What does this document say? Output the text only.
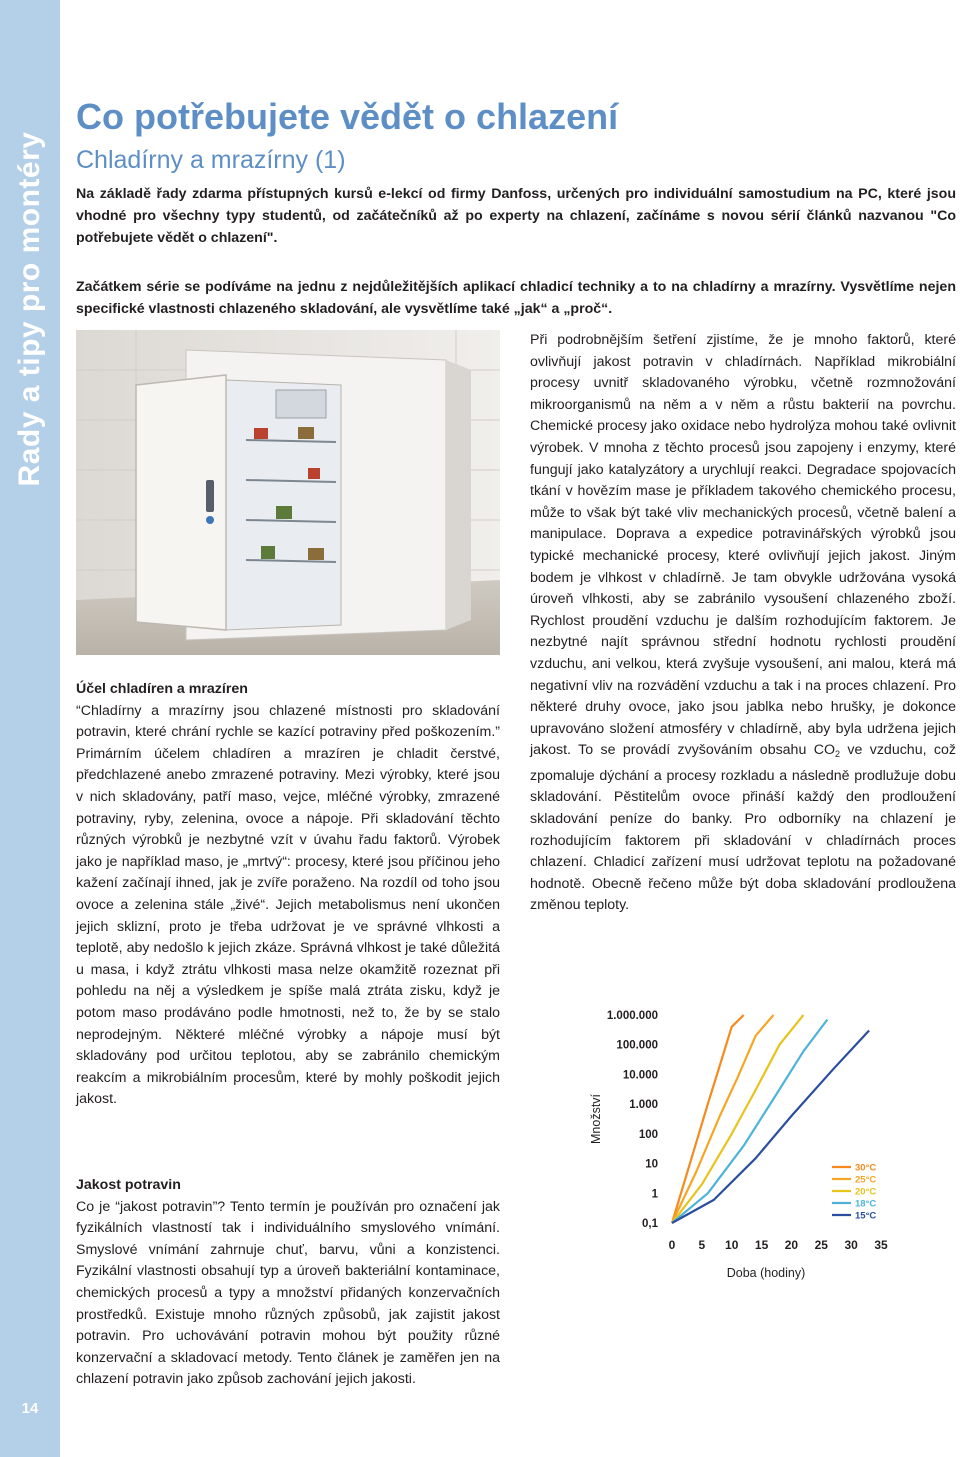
Rady a tipy pro montéry
14
Co potřebujete vědět o chlazení
Chladírny a mrazírny (1)

Na základě řady zdarma přístupných kursů e-lekcí od firmy Danfoss, určených pro individuální samostudium na PC, které jsou vhodné pro všechny typy studentů, od začátečníků až po experty na chlazení, začínáme s novou sérií článků nazvanou "Co potřebujete vědět o chlazení".

Začátkem série se podíváme na jednu z nejdůležitějších aplikací chladicí techniky a to na chladírny a mrazírny. Vysvětlíme nejen specifické vlastnosti chlazeného skladování, ale vysvětlíme také „jak“ a „proč“.

Účel chladíren a mrazíren

“Chladírny a mrazírny jsou chlazené místnosti pro skladování potravin, které chrání rychle se kazící potraviny před poškozením.” Primárním účelem chladíren a mrazíren je chladit čerstvé, předchlazené anebo zmrazené potraviny. Mezi výrobky, které jsou v nich skladovány, patří maso, vejce, mléčné výrobky, zmrazené potraviny, ryby, zelenina, ovoce a nápoje. Při skladování těchto různých výrobků je nezbytné vzít v úvahu řadu faktorů. Výrobek jako je například maso, je „mrtvý“: procesy, které jsou příčinou jeho kažení začínají ihned, jak je zvíře poraženo. Na rozdíl od toho jsou ovoce a zelenina stále „živé“. Jejich metabolismus není ukončen jejich sklizní, proto je třeba udržovat je ve správné vlhkosti a teplotě, aby nedošlo k jejich zkáze. Správná vlhkost je také důležitá u masa, i když ztrátu vlhkosti masa nelze okamžitě rozeznat při pohledu na něj a výsledkem je spíše malá ztráta zisku, když je potom maso prodáváno podle hmotnosti, než to, že by se stalo neprodejným. Některé mléčné výrobky a nápoje musí být skladovány pod určitou teplotou, aby se zabránilo chemickým reakcím a mikrobiálním procesům, které by mohly poškodit jejich jakost.

Jakost potravin

Co je “jakost potravin”? Tento termín je používán pro označení jak fyzikálních vlastností tak i individuálního smyslového vnímání. Smyslové vnímání zahrnuje chuť, barvu, vůni a konzistenci. Fyzikální vlastnosti obsahují typ a úroveň bakteriální kontaminace, chemických procesů a typy a množství přidaných konzervačních prostředků. Existuje mnoho různých způsobů, jak zajistit jakost potravin. Pro uchovávání potravin mohou být použity různé konzervační a skladovací metody. Tento článek je zaměřen jen na chlazení potravin jako způsob zachování jejich jakosti.

Při podrobnějším šetření zjistíme, že je mnoho faktorů, které ovlivňují jakost potravin v chladírnách. Například mikrobiální procesy uvnitř skladovaného výrobku, včetně rozmnožování mikroorganismů na něm a v něm a růstu bakterií na povrchu. Chemické procesy jako oxidace nebo hydrolýza mohou také ovlivnit výrobek. V mnoha z těchto procesů jsou zapojeny i enzymy, které fungují jako katalyzátory a urychlují reakci. Degradace spojovacích tkání v hovězím mase je příkladem takového chemického procesu, může to však být také vliv mechanických procesů, včetně balení a manipulace. Doprava a expedice potravinářských výrobků jsou typické mechanické procesy, které ovlivňují jejich jakost. Jiným bodem je vlhkost v chladírně. Je tam obvykle udržována vysoká úroveň vlhkosti, aby se zabránilo vysoušení chlazeného zboží. Rychlost proudění vzduchu je dalším rozhodujícím faktorem. Je nezbytné najít správnou střední hodnotu rychlosti proudění vzduchu, ani velkou, která zvyšuje vysoušení, ani malou, která má negativní vliv na rozvádění vzduchu a tak i na proces chlazení. Pro některé druhy ovoce, jako jsou jablka nebo hrušky, je dokonce upravováno složení atmosféry v chladírně, aby byla udržena jejich jakost. To se provádí zvyšováním obsahu $CO_2$ ve vzduchu, což zpomaluje dýchání a procesy rozkladu a následně prodlužuje dobu skladování. Pěstitelům ovoce přináší každý den prodloužení skladování peníze do banky. Pro odborníky na chlazení je rozhodujícím faktorem při skladování v chladírnách proces chlazení. Chladicí zařízení musí udržovat teplotu na požadované hodnotě. Obecně řečeno může být doba skladování prodloužena změnou teploty.

Množství
0,1
1
10
100
1.000
10.000
100.000
1.000.000
0 5 10 15 20 25 30 35
30°C
25°C
20°C
18°C
15°C
Doba (hodiny)
